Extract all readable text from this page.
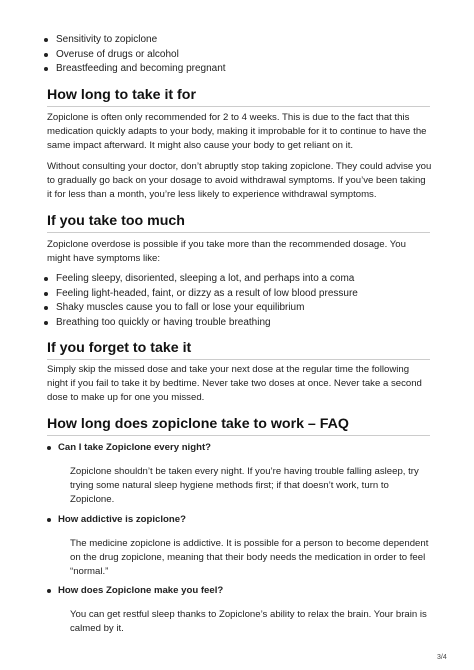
Sensitivity to zopiclone
Overuse of drugs or alcohol
Breastfeeding and becoming pregnant
How long to take it for

Zopiclone is often only recommended for 2 to 4 weeks. This is due to the fact that this medication quickly adapts to your body, making it improbable for it to continue to have the same impact afterward. It might also cause your body to get reliant on it.

Without consulting your doctor, don’t abruptly stop taking zopiclone. They could advise you to gradually go back on your dosage to avoid withdrawal symptoms. If you’ve been taking it for less than a month, you’re less likely to experience withdrawal symptoms.

If you take too much

Zopiclone overdose is possible if you take more than the recommended dosage. You might have symptoms like:

Feeling sleepy, disoriented, sleeping a lot, and perhaps into a coma
Feeling light-headed, faint, or dizzy as a result of low blood pressure
Shaky muscles cause you to fall or lose your equilibrium
Breathing too quickly or having trouble breathing
If you forget to take it

Simply skip the missed dose and take your next dose at the regular time the following night if you fail to take it by bedtime. Never take two doses at once. Never take a second dose to make up for one you missed.

How long does zopiclone take to work – FAQ
Can I take Zopiclone every night?

Zopiclone shouldn’t be taken every night. If you’re having trouble falling asleep, try trying some natural sleep hygiene methods first; if that doesn’t work, turn to Zopiclone.

How addictive is zopiclone?

The medicine zopiclone is addictive. It is possible for a person to become dependent on the drug zopiclone, meaning that their body needs the medication in order to feel “normal.”

How does Zopiclone make you feel?

You can get restful sleep thanks to Zopiclone’s ability to relax the brain. Your brain is calmed by it.

3/4
